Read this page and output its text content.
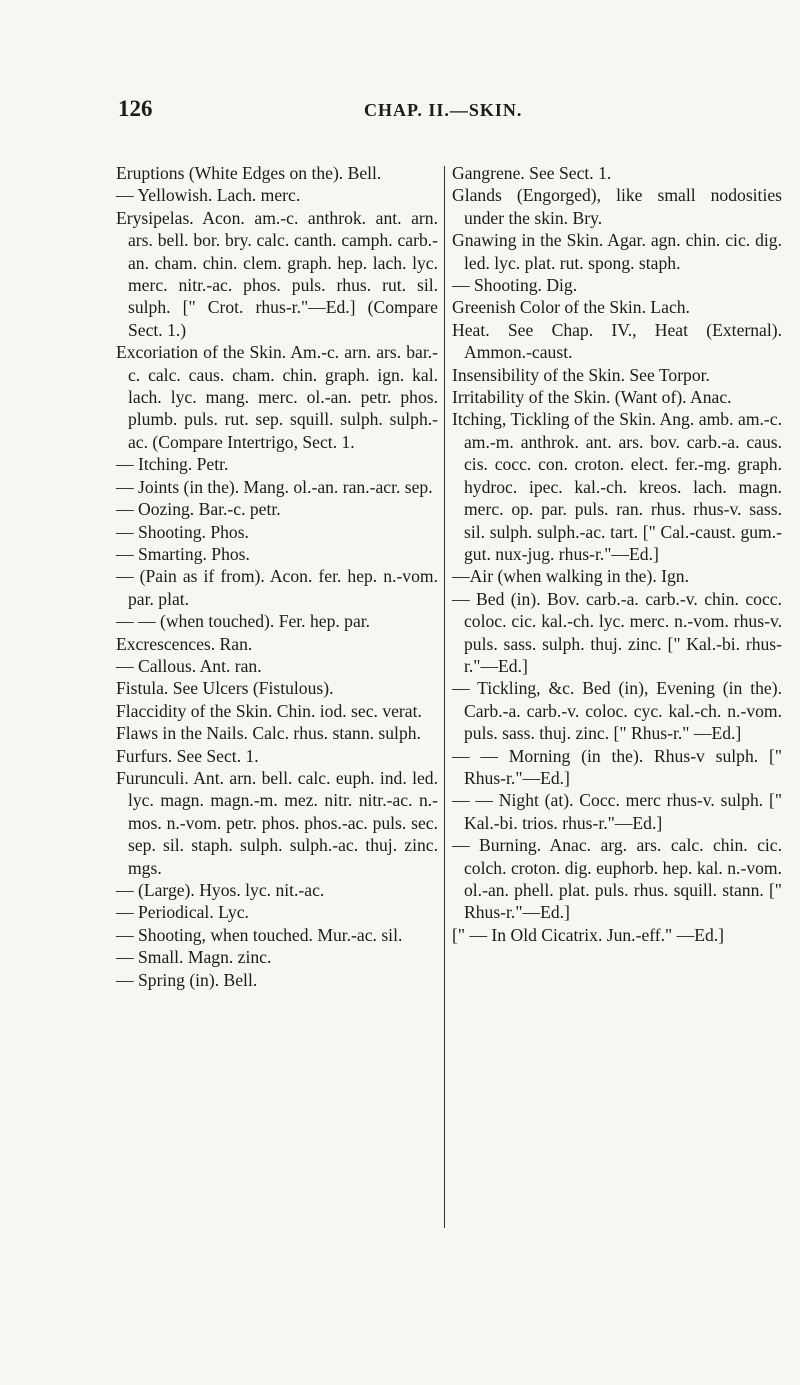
126	CHAP. II.—SKIN.

Eruptions (White Edges on the). Bell.

— Yellowish. Lach. merc.

Erysipelas. Acon. am.-c. anthrok. ant. arn. ars. bell. bor. bry. calc. canth. camph. carb.-an. cham. chin. clem. graph. hep. lach. lyc. merc. nitr.-ac. phos. puls. rhus. rut. sil. sulph. [" Crot. rhus-r."—Ed.] (Compare Sect. 1.)

Excoriation of the Skin. Am.-c. arn. ars. bar.-c. calc. caus. cham. chin. graph. ign. kal. lach. lyc. mang. merc. ol.-an. petr. phos. plumb. puls. rut. sep. squill. sulph. sulph.-ac. (Compare Intertrigo, Sect. 1.

— Itching. Petr.

— Joints (in the). Mang. ol.-an. ran.-acr. sep.

— Oozing. Bar.-c. petr.

— Shooting. Phos.

— Smarting. Phos.

— (Pain as if from). Acon. fer. hep. n.-vom. par. plat.

— — (when touched). Fer. hep. par.

Excrescences. Ran.

— Callous. Ant. ran.

Fistula. See Ulcers (Fistulous).

Flaccidity of the Skin. Chin. iod. sec. verat.

Flaws in the Nails. Calc. rhus. stann. sulph.

Furfurs. See Sect. 1.

Furunculi. Ant. arn. bell. calc. euph. ind. led. lyc. magn. magn.-m. mez. nitr. nitr.-ac. n.-mos. n.-vom. petr. phos. phos.-ac. puls. sec. sep. sil. staph. sulph. sulph.-ac. thuj. zinc. mgs.

— (Large). Hyos. lyc. nit.-ac.

— Periodical. Lyc.

— Shooting, when touched. Mur.-ac. sil.

— Small. Magn. zinc.

— Spring (in). Bell.

Gangrene. See Sect. 1.

Glands (Engorged), like small nodosities under the skin. Bry.

Gnawing in the Skin. Agar. agn. chin. cic. dig. led. lyc. plat. rut. spong. staph.

— Shooting. Dig.

Greenish Color of the Skin. Lach.

Heat. See Chap. IV., Heat (External). Ammon.-caust.

Insensibility of the Skin. See Torpor.

Irritability of the Skin. (Want of). Anac.

Itching, Tickling of the Skin. Ang. amb. am.-c. am.-m. anthrok. ant. ars. bov. carb.-a. caus. cis. cocc. con. croton. elect. fer.-mg. graph. hydroc. ipec. kal.-ch. kreos. lach. magn. merc. op. par. puls. ran. rhus. rhus-v. sass. sil. sulph. sulph.-ac. tart. [" Cal.-caust. gum.-gut. nux-jug. rhus-r."—Ed.]

—Air (when walking in the). Ign.

— Bed (in). Bov. carb.-a. carb.-v. chin. cocc. coloc. cic. kal.-ch. lyc. merc. n.-vom. rhus-v. puls. sass. sulph. thuj. zinc. [" Kal.-bi. rhus-r."—Ed.]

— Tickling, &c. Bed (in), Evening (in the). Carb.-a. carb.-v. coloc. cyc. kal.-ch. n.-vom. puls. sass. thuj. zinc. [" Rhus-r." —Ed.]

— — Morning (in the). Rhus-v sulph. [" Rhus-r."—Ed.]

— — Night (at). Cocc. merc rhus-v. sulph. [" Kal.-bi. trios. rhus-r."—Ed.]

— Burning. Anac. arg. ars. calc. chin. cic. colch. croton. dig. euphorb. hep. kal. n.-vom. ol.-an. phell. plat. puls. rhus. squill. stann. [" Rhus-r."—Ed.]

[" — In Old Cicatrix. Jun.-eff." —Ed.]
